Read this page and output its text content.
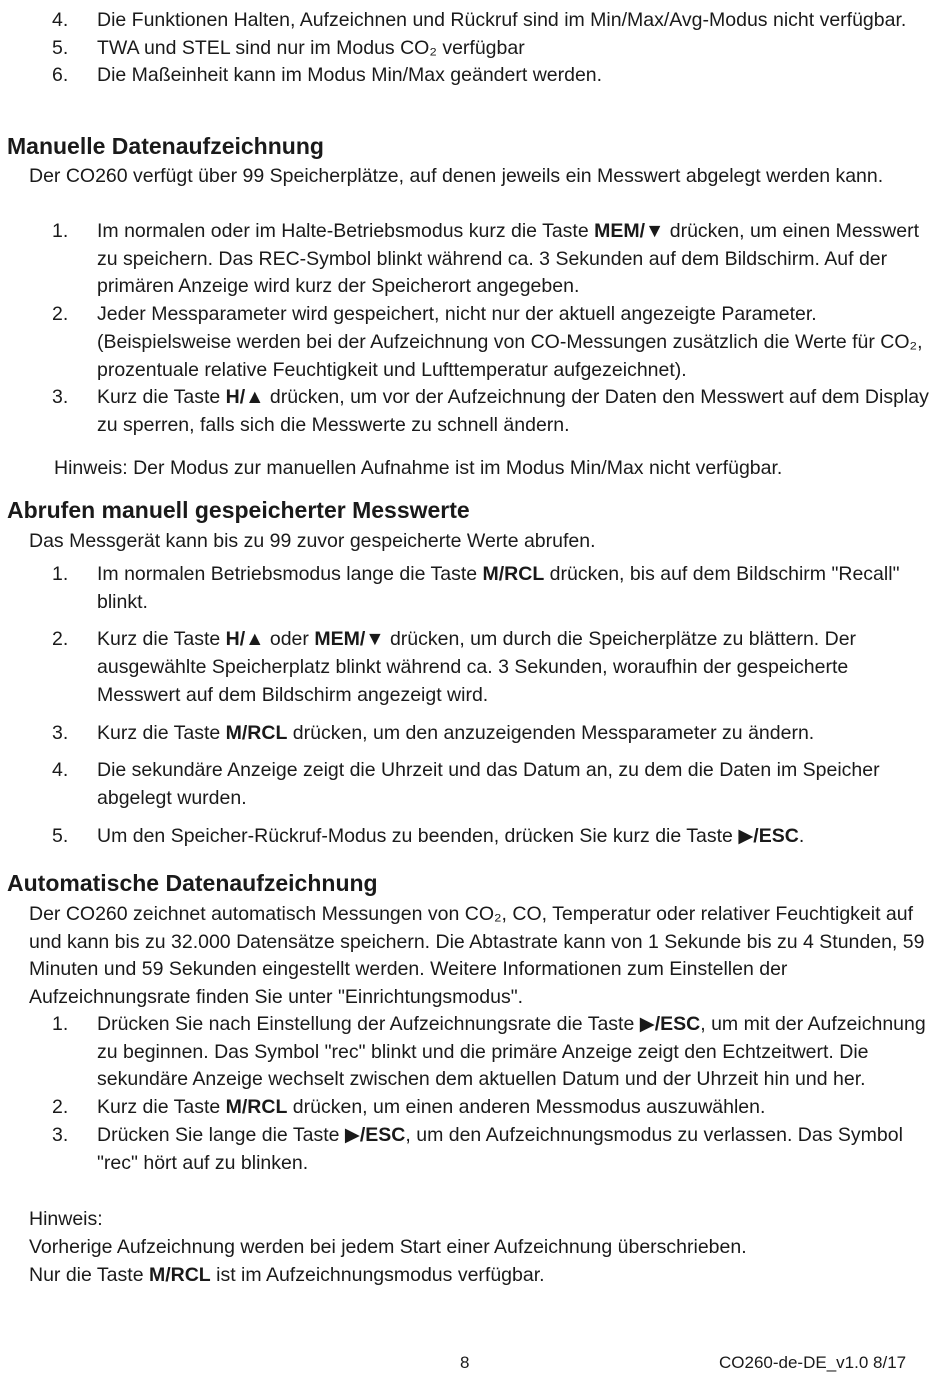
4. Die Funktionen Halten, Aufzeichnen und Rückruf sind im Min/Max/Avg-Modus nicht verfügbar.
5. TWA und STEL sind nur im Modus CO₂ verfügbar
6. Die Maßeinheit kann im Modus Min/Max geändert werden.
Manuelle Datenaufzeichnung
Der CO260 verfügt über 99 Speicherplätze, auf denen jeweils ein Messwert abgelegt werden kann.
1. Im normalen oder im Halte-Betriebsmodus kurz die Taste MEM/▼ drücken, um einen Messwert zu speichern. Das REC-Symbol blinkt während ca. 3 Sekunden auf dem Bildschirm. Auf der primären Anzeige wird kurz der Speicherort angegeben.
2. Jeder Messparameter wird gespeichert, nicht nur der aktuell angezeigte Parameter. (Beispielsweise werden bei der Aufzeichnung von CO-Messungen zusätzlich die Werte für CO₂, prozentuale relative Feuchtigkeit und Lufttemperatur aufgezeichnet).
3. Kurz die Taste H/▲ drücken, um vor der Aufzeichnung der Daten den Messwert auf dem Display zu sperren, falls sich die Messwerte zu schnell ändern.
Hinweis: Der Modus zur manuellen Aufnahme ist im Modus Min/Max nicht verfügbar.
Abrufen manuell gespeicherter Messwerte
Das Messgerät kann bis zu 99 zuvor gespeicherte Werte abrufen.
1. Im normalen Betriebsmodus lange die Taste M/RCL drücken, bis auf dem Bildschirm "Recall" blinkt.
2. Kurz die Taste H/▲ oder MEM/▼ drücken, um durch die Speicherplätze zu blättern. Der ausgewählte Speicherplatz blinkt während ca. 3 Sekunden, woraufhin der gespeicherte Messwert auf dem Bildschirm angezeigt wird.
3. Kurz die Taste M/RCL drücken, um den anzuzeigenden Messparameter zu ändern.
4. Die sekundäre Anzeige zeigt die Uhrzeit und das Datum an, zu dem die Daten im Speicher abgelegt wurden.
5. Um den Speicher-Rückruf-Modus zu beenden, drücken Sie kurz die Taste ▶/ESC.
Automatische Datenaufzeichnung
Der CO260 zeichnet automatisch Messungen von CO₂, CO, Temperatur oder relativer Feuchtigkeit auf und kann bis zu 32.000 Datensätze speichern. Die Abtastrate kann von 1 Sekunde bis zu 4 Stunden, 59 Minuten und 59 Sekunden eingestellt werden. Weitere Informationen zum Einstellen der Aufzeichnungsrate finden Sie unter "Einrichtungsmodus".
1. Drücken Sie nach Einstellung der Aufzeichnungsrate die Taste ▶/ESC, um mit der Aufzeichnung zu beginnen. Das Symbol "rec" blinkt und die primäre Anzeige zeigt den Echtzeitwert. Die sekundäre Anzeige wechselt zwischen dem aktuellen Datum und der Uhrzeit hin und her.
2. Kurz die Taste M/RCL drücken, um einen anderen Messmodus auszuwählen.
3. Drücken Sie lange die Taste ▶/ESC, um den Aufzeichnungsmodus zu verlassen. Das Symbol "rec" hört auf zu blinken.
Hinweis:
Vorherige Aufzeichnung werden bei jedem Start einer Aufzeichnung überschrieben.
Nur die Taste M/RCL ist im Aufzeichnungsmodus verfügbar.
8	CO260-de-DE_v1.0 8/17
